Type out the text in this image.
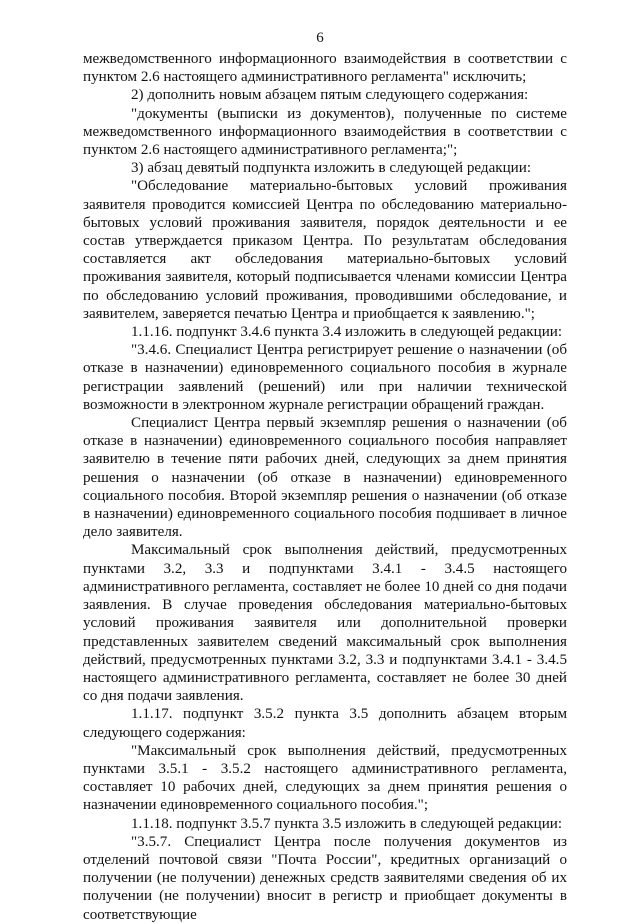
6

межведомственного информационного взаимодействия в соответствии с пунктом 2.6 настоящего административного регламента" исключить;

2) дополнить новым абзацем пятым следующего содержания:

"документы (выписки из документов), полученные по системе межведомственного информационного взаимодействия в соответствии с пунктом 2.6 настоящего административного регламента;";

3) абзац девятый подпункта изложить в следующей редакции:

"Обследование материально-бытовых условий проживания заявителя проводится комиссией Центра по обследованию материально-бытовых условий проживания заявителя, порядок деятельности и ее состав утверждается приказом Центра. По результатам обследования составляется акт обследования материально-бытовых условий проживания заявителя, который подписывается членами комиссии Центра по обследованию условий проживания, проводившими обследование, и заявителем, заверяется печатью Центра и приобщается к заявлению.";

1.1.16. подпункт 3.4.6 пункта 3.4 изложить в следующей редакции:

"3.4.6. Специалист Центра регистрирует решение о назначении (об отказе в назначении) единовременного социального пособия в журнале регистрации заявлений (решений) или при наличии технической возможности в электронном журнале регистрации обращений граждан.

Специалист Центра первый экземпляр решения о назначении (об отказе в назначении) единовременного социального пособия направляет заявителю в течение пяти рабочих дней, следующих за днем принятия решения о назначении (об отказе в назначении) единовременного социального пособия. Второй экземпляр решения о назначении (об отказе в назначении) единовременного социального пособия подшивает в личное дело заявителя.

Максимальный срок выполнения действий, предусмотренных пунктами 3.2, 3.3 и подпунктами 3.4.1 - 3.4.5 настоящего административного регламента, составляет не более 10 дней со дня подачи заявления. В случае проведения обследования материально-бытовых условий проживания заявителя или дополнительной проверки представленных заявителем сведений максимальный срок выполнения действий, предусмотренных пунктами 3.2, 3.3 и подпунктами 3.4.1 - 3.4.5 настоящего административного регламента, составляет не более 30 дней со дня подачи заявления.

1.1.17. подпункт 3.5.2 пункта 3.5 дополнить абзацем вторым следующего содержания:

"Максимальный срок выполнения действий, предусмотренных пунктами 3.5.1 - 3.5.2 настоящего административного регламента, составляет 10 рабочих дней, следующих за днем принятия решения о назначении единовременного социального пособия.";

1.1.18. подпункт 3.5.7 пункта 3.5 изложить в следующей редакции:

"3.5.7. Специалист Центра после получения документов из отделений почтовой связи "Почта России", кредитных организаций о получении (не получении) денежных средств заявителями сведения об их получении (не получении) вносит в регистр и приобщает документы в соответствующие
